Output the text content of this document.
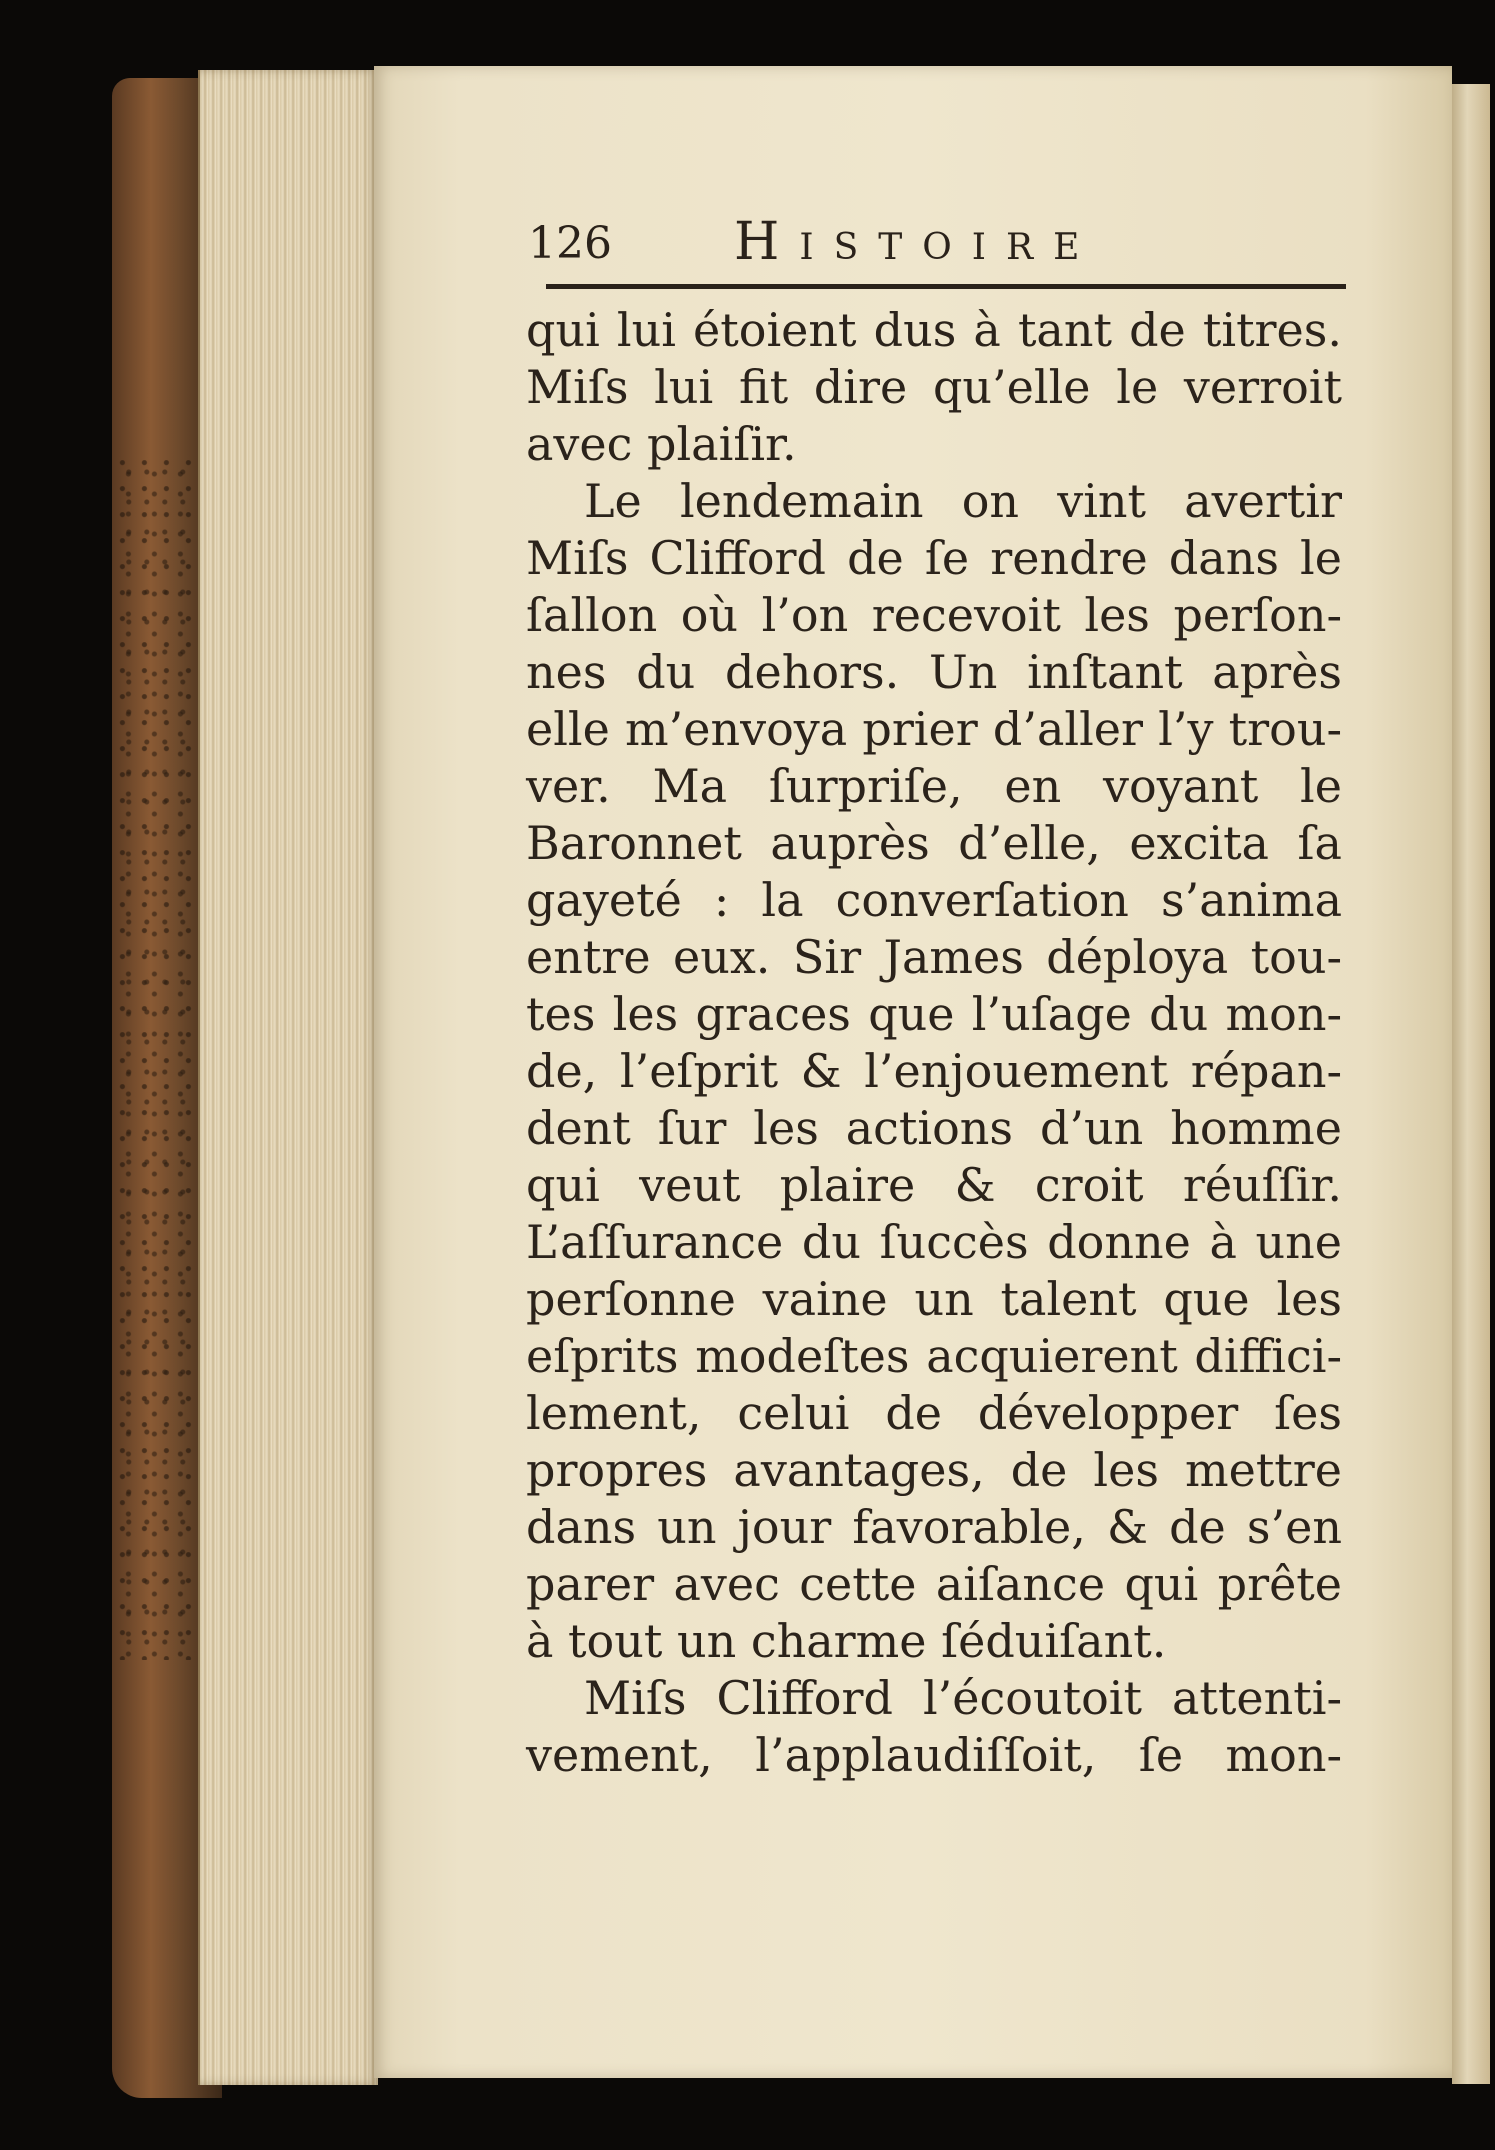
126 Histoire
qui lui étoient dus à tant de titres.
Miſs lui fit dire qu’elle le verroit
avec plaiſir.
Le lendemain on vint avertir
Miſs Clifford de ſe rendre dans le
ſallon où l’on recevoit les perſon-
nes du dehors. Un inſtant après
elle m’envoya prier d’aller l’y trou-
ver. Ma ſurpriſe, en voyant le
Baronnet auprès d’elle, excita ſa
gayeté : la converſation s’anima
entre eux. Sir James déploya tou-
tes les graces que l’uſage du mon-
de, l’eſprit & l’enjouement répan-
dent ſur les actions d’un homme
qui veut plaire & croit réuſſir.
L’aſſurance du ſuccès donne à une
perſonne vaine un talent que les
eſprits modeſtes acquierent diffici-
lement, celui de développer ſes
propres avantages, de les mettre
dans un jour favorable, & de s’en
parer avec cette aiſance qui prête
à tout un charme ſéduiſant.
Miſs Clifford l’écoutoit attenti-
vement, l’applaudiſſoit, ſe mon-
